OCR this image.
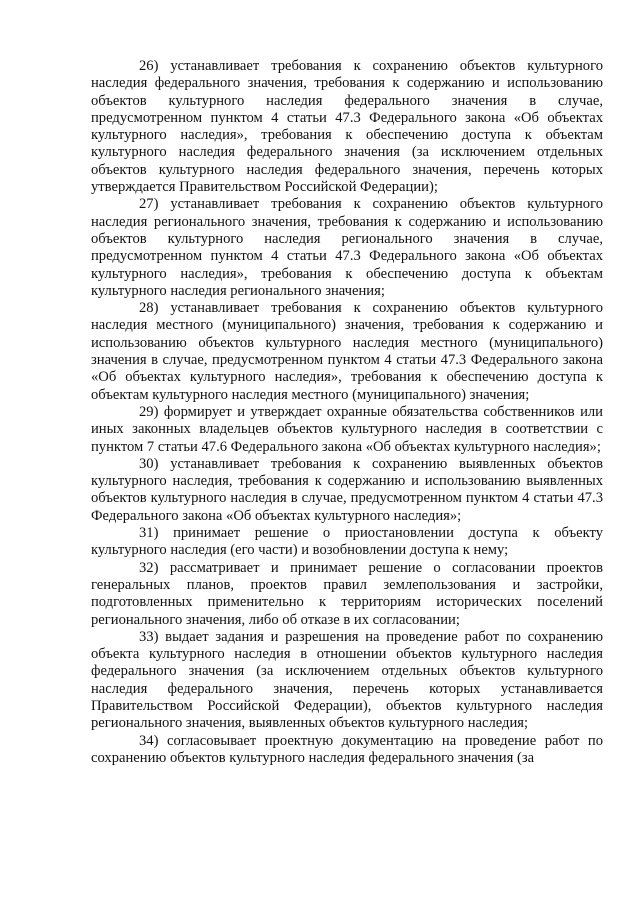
26) устанавливает требования к сохранению объектов культурного наследия федерального значения, требования к содержанию и использованию объектов культурного наследия федерального значения в случае, предусмотренном пунктом 4 статьи 47.3 Федерального закона «Об объектах культурного наследия», требования к обеспечению доступа к объектам культурного наследия федерального значения (за исключением отдельных объектов культурного наследия федерального значения, перечень которых утверждается Правительством Российской Федерации);

27) устанавливает требования к сохранению объектов культурного наследия регионального значения, требования к содержанию и использованию объектов культурного наследия регионального значения в случае, предусмотренном пунктом 4 статьи 47.3 Федерального закона «Об объектах культурного наследия», требования к обеспечению доступа к объектам культурного наследия регионального значения;

28) устанавливает требования к сохранению объектов культурного наследия местного (муниципального) значения, требования к содержанию и использованию объектов культурного наследия местного (муниципального) значения в случае, предусмотренном пунктом 4 статьи 47.3 Федерального закона «Об объектах культурного наследия», требования к обеспечению доступа к объектам культурного наследия местного (муниципального) значения;

29) формирует и утверждает охранные обязательства собственников или иных законных владельцев объектов культурного наследия в соответствии с пунктом 7 статьи 47.6 Федерального закона «Об объектах культурного наследия»;

30) устанавливает требования к сохранению выявленных объектов культурного наследия, требования к содержанию и использованию выявленных объектов культурного наследия в случае, предусмотренном пунктом 4 статьи 47.3 Федерального закона «Об объектах культурного наследия»;

31) принимает решение о приостановлении доступа к объекту культурного наследия (его части) и возобновлении доступа к нему;

32) рассматривает и принимает решение о согласовании проектов генеральных планов, проектов правил землепользования и застройки, подготовленных применительно к территориям исторических поселений регионального значения, либо об отказе в их согласовании;

33) выдает задания и разрешения на проведение работ по сохранению объекта культурного наследия в отношении объектов культурного наследия федерального значения (за исключением отдельных объектов культурного наследия федерального значения, перечень которых устанавливается Правительством Российской Федерации), объектов культурного наследия регионального значения, выявленных объектов культурного наследия;

34) согласовывает проектную документацию на проведение работ по сохранению объектов культурного наследия федерального значения (за
